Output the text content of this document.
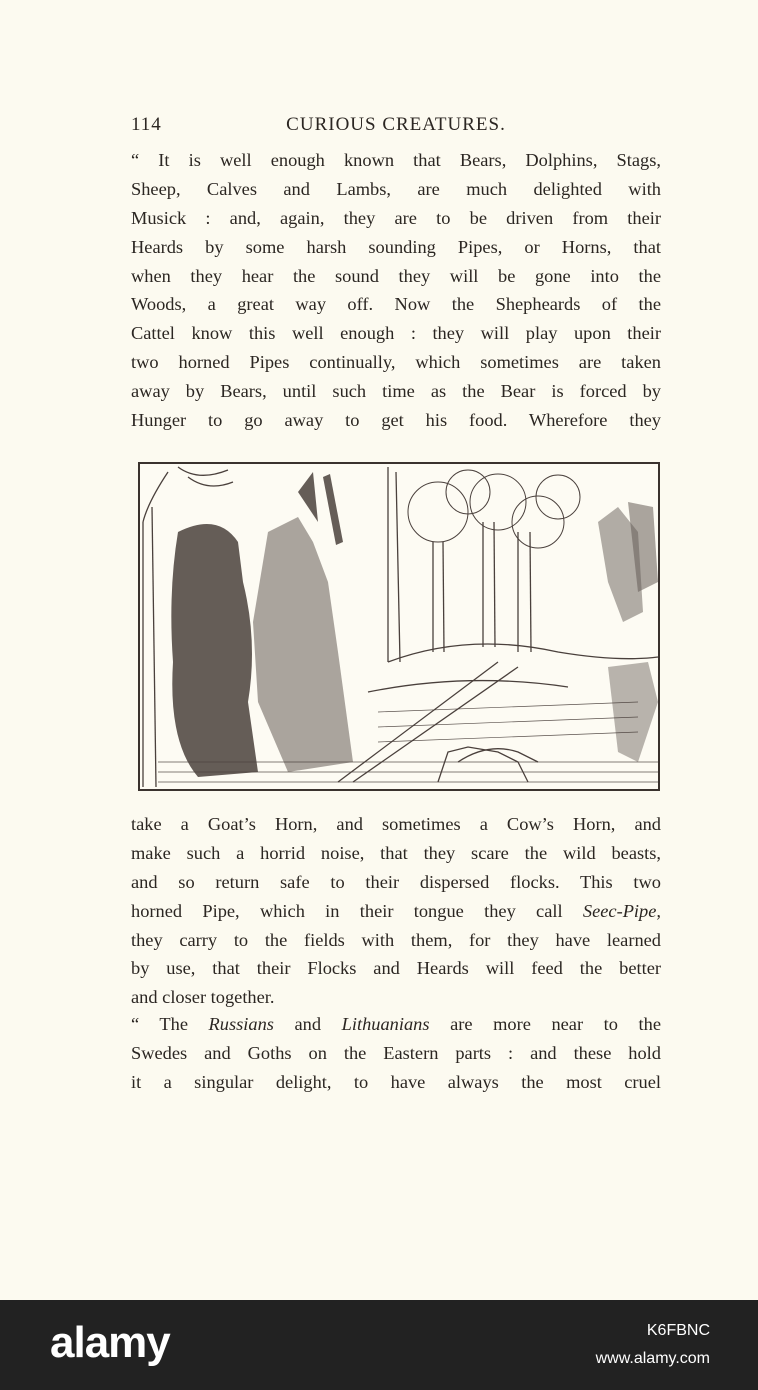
114	CURIOUS CREATURES.
“ It is well enough known that Bears, Dolphins, Stags,
Sheep, Calves and Lambs, are much delighted with
Musick : and, again, they are to be driven from their
Heards by some harsh sounding Pipes, or Horns, that
when they hear the sound they will be gone into the
Woods, a great way off. Now the Shepheards of the
Cattel know this well enough : they will play upon their
two horned Pipes continually, which sometimes are taken
away by Bears, until such time as the Bear is forced by
Hunger to go away to get his food. Wherefore they
take a Goat’s Horn, and sometimes a Cow’s Horn, and
make such a horrid noise, that they scare the wild beasts,
and so return safe to their dispersed flocks. This two
horned Pipe, which in their tongue they call Seec-Pipe,
they carry to the fields with them, for they have learned
by use, that their Flocks and Heards will feed the better
and closer together.
“ The Russians and Lithuanians are more near to the
Swedes and Goths on the Eastern parts : and these hold
it a singular delight, to have always the most cruel
alamy	K6FBNC
www.alamy.com
